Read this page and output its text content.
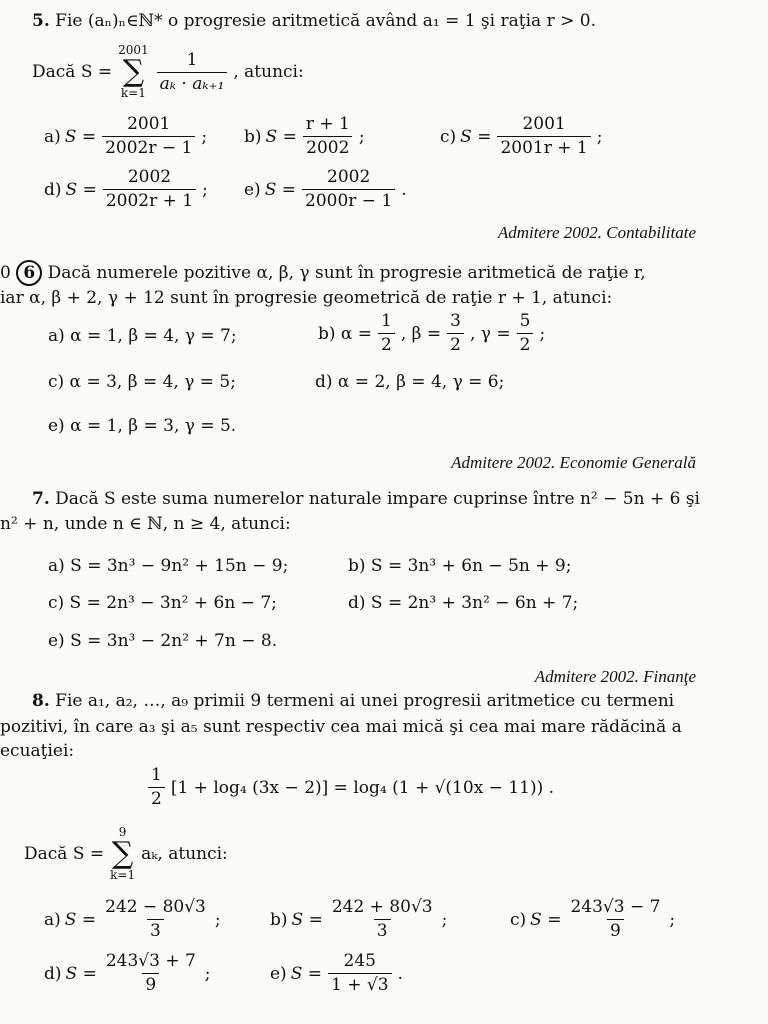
5. Fie (aₙ)ₙ∈ℕ* o progresie aritmetică având a₁ = 1 şi raţia r > 0.
Dacă S =
2001
∑
$k=1 \frac{1}{\text{aₖ · aₖ₊₁}}$ , atunci:
a) $S = \frac{2001}{2002r - 1}$ ; b) $S = \frac{r + 1}{2002}$ ;	c) $S = \frac{2001}{2001r + 1}$ ;
d) $S = \frac{2002}{2002r + 1}$ ; e) $S = \frac{2002}{2000r - 1}$ .
Admitere 2002. Contabilitate
0 6 Dacă numerele pozitive α, β, γ sunt în progresie aritmetică de raţie r,
iar α, β + 2, γ + 12 sunt în progresie geometrică de raţie r + 1, atunci:
a) α = 1, β = 4, γ = 7;	b) $\alpha = \frac{1}{2}$ , $\beta = \frac{3}{2}$ , $\gamma = \frac{5}{2}$ ;
c) α = 3, β = 4, γ = 5;	d) α = 2, β = 4, γ = 6;
e) α = 1, β = 3, γ = 5.
Admitere 2002. Economie Generală
7. Dacă S este suma numerelor naturale impare cuprinse între n² − 5n + 6 şi
n² + n, unde n ∈ ℕ, n ≥ 4, atunci:
a) S = 3n³ − 9n² + 15n − 9;	b) S = 3n³ + 6n − 5n + 9;
c) S = 2n³ − 3n² + 6n − 7;	d) S = 2n³ + 3n² − 6n + 7;
e) S = 3n³ − 2n² + 7n − 8.
Admitere 2002. Finanţe
8. Fie a₁, a₂, …, a₉ primii 9 termeni ai unei progresii aritmetice cu termeni
pozitivi, în care a₃ şi a₅ sunt respectiv cea mai mică şi cea mai mare rădăcină a
ecuaţiei:
$\frac{1}{2} [1 + \log_4$ (3x − 2)] = log₄ (1 + √(10x − 11)) .
Dacă S =
9
∑
k=1
aₖ, atunci:
a) $S = \frac{242 - 80√3}{3}$ ;	b) $S = \frac{242 + 80√3}{3}$ ;	c) $S = \frac{243√3 - 7}{9}$ ;
d) $S = \frac{243√3 + 7}{9}$ ;	e) $S = \frac{245}{1 + √3}$ .
